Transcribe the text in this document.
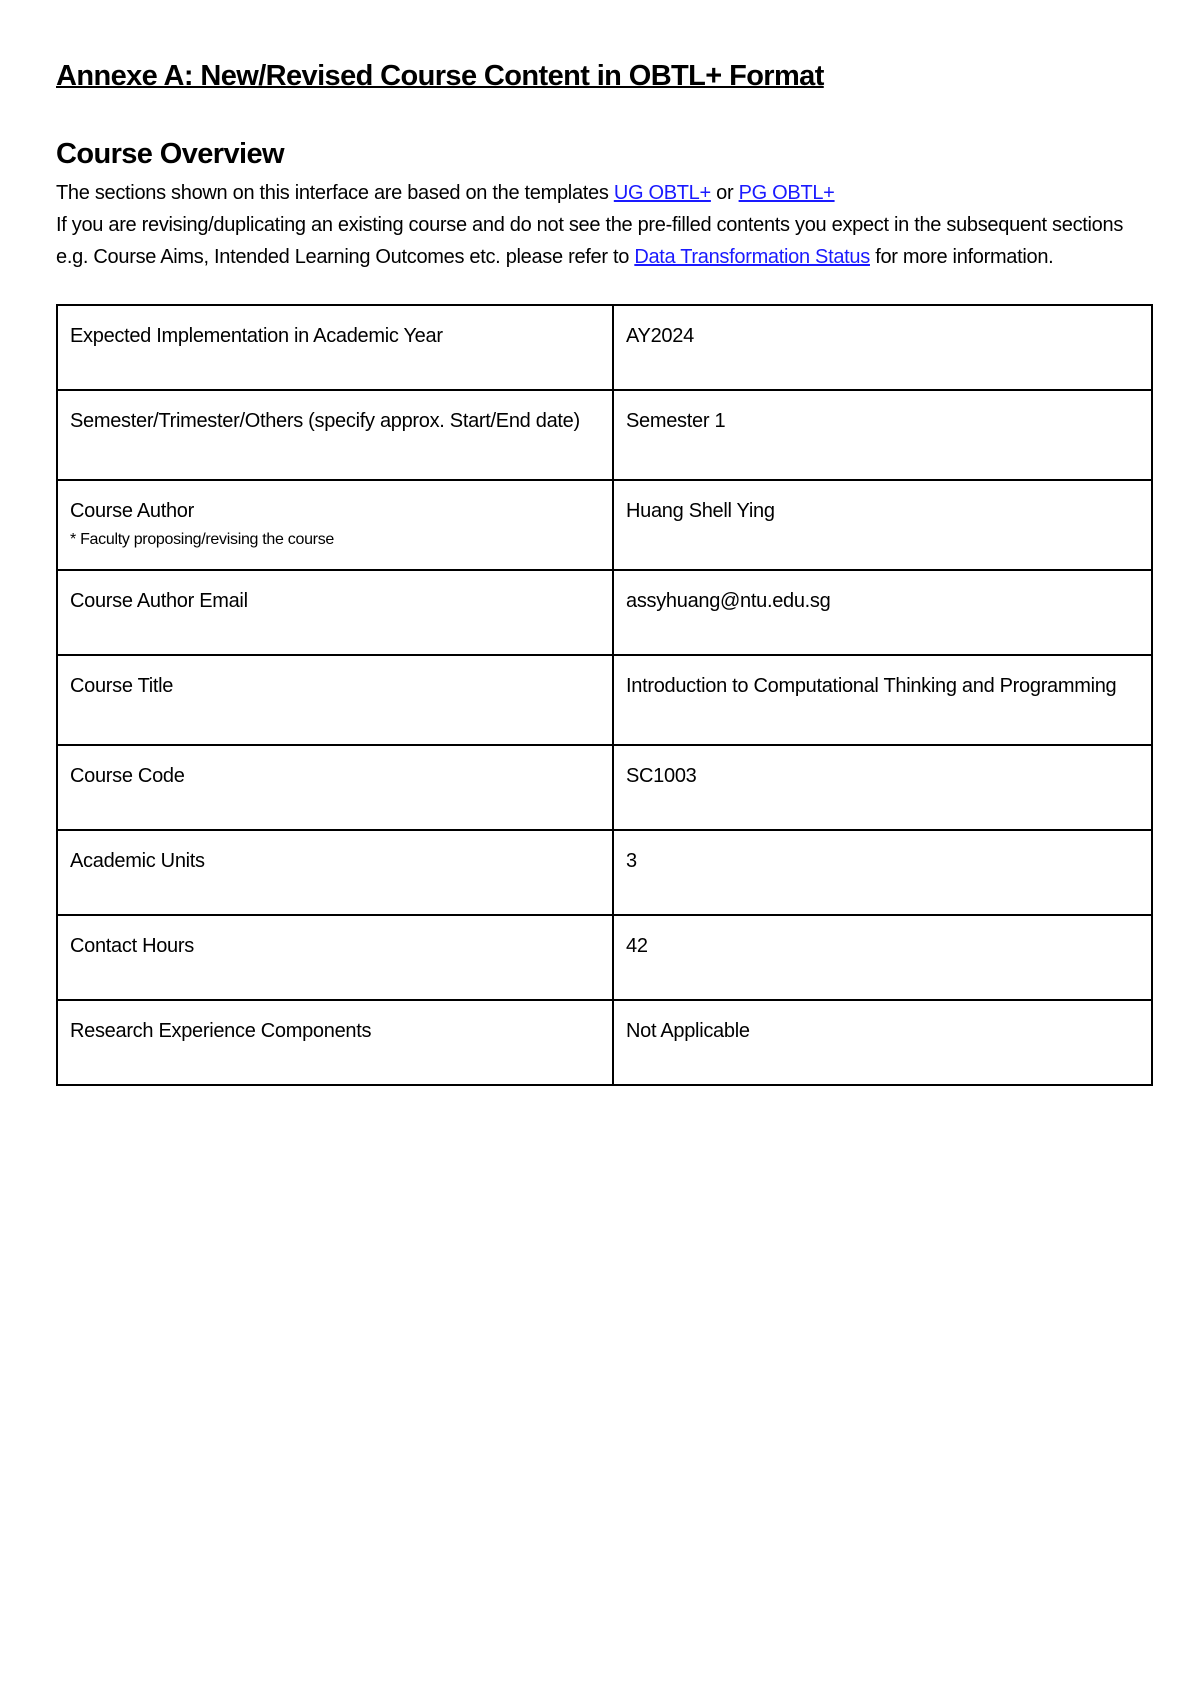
Annexe A: New/Revised Course Content in OBTL+ Format
Course Overview

The sections shown on this interface are based on the templates UG OBTL+ or PG OBTL+
If you are revising/duplicating an existing course and do not see the pre-filled contents you expect in the subsequent sections e.g. Course Aims, Intended Learning Outcomes etc. please refer to Data Transformation Status for more information.

Expected Implementation in Academic Year	AY2024
Semester/Trimester/Others (specify approx. Start/End date)	Semester 1
Course Author
* Faculty proposing/revising the course	Huang Shell Ying
Course Author Email	assyhuang@ntu.edu.sg
Course Title	Introduction to Computational Thinking and Programming
Course Code	SC1003
Academic Units	3
Contact Hours	42
Research Experience Components	Not Applicable
